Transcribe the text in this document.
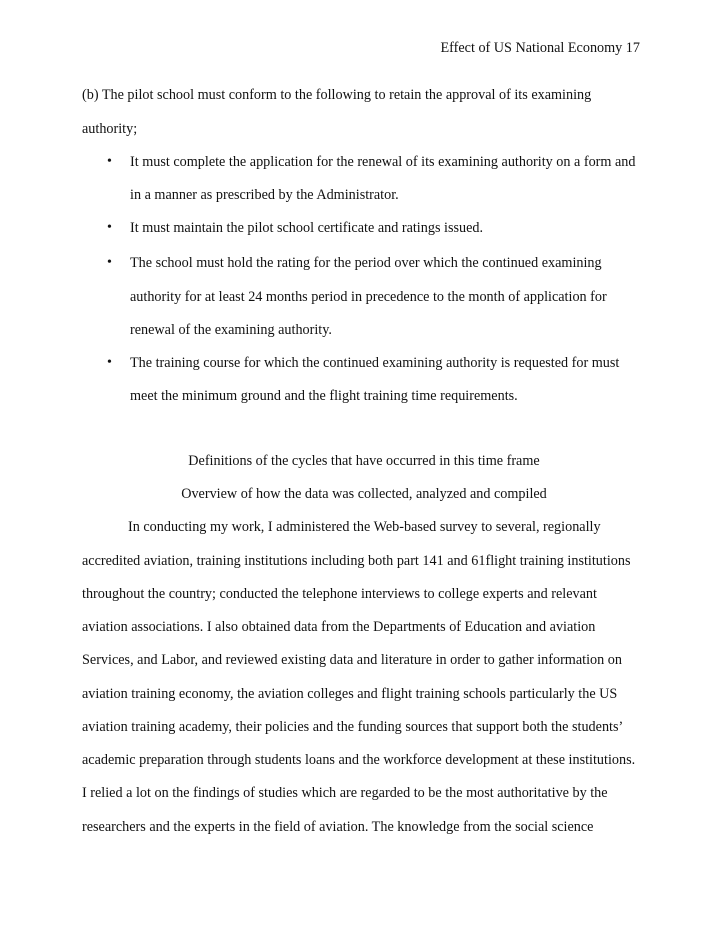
Effect of US National Economy 17
(b) The pilot school must conform to the following to retain the approval of its examining
authority;
• It must complete the application for the renewal of its examining authority on a form and
in a manner as prescribed by the Administrator.
• It must maintain the pilot school certificate and ratings issued.
• The school must hold the rating for the period over which the continued examining
authority for at least 24 months period in precedence to the month of application for
renewal of the examining authority.
• The training course for which the continued examining authority is requested for must
meet the minimum ground and the flight training time requirements.
Definitions of the cycles that have occurred in this time frame
Overview of how the data was collected, analyzed and compiled
In conducting my work, I administered the Web-based survey to several, regionally
accredited aviation, training institutions including both part 141 and 61flight training institutions
throughout the country; conducted the telephone interviews to college experts and relevant
aviation associations. I also obtained data from the Departments of Education and aviation
Services, and Labor, and reviewed existing data and literature in order to gather information on
aviation training economy, the aviation colleges and flight training schools particularly the US
aviation training academy, their policies and the funding sources that support both the students’
academic preparation through students loans and the workforce development at these institutions.
I relied a lot on the findings of studies which are regarded to be the most authoritative by the
researchers and the experts in the field of aviation. The knowledge from the social science
